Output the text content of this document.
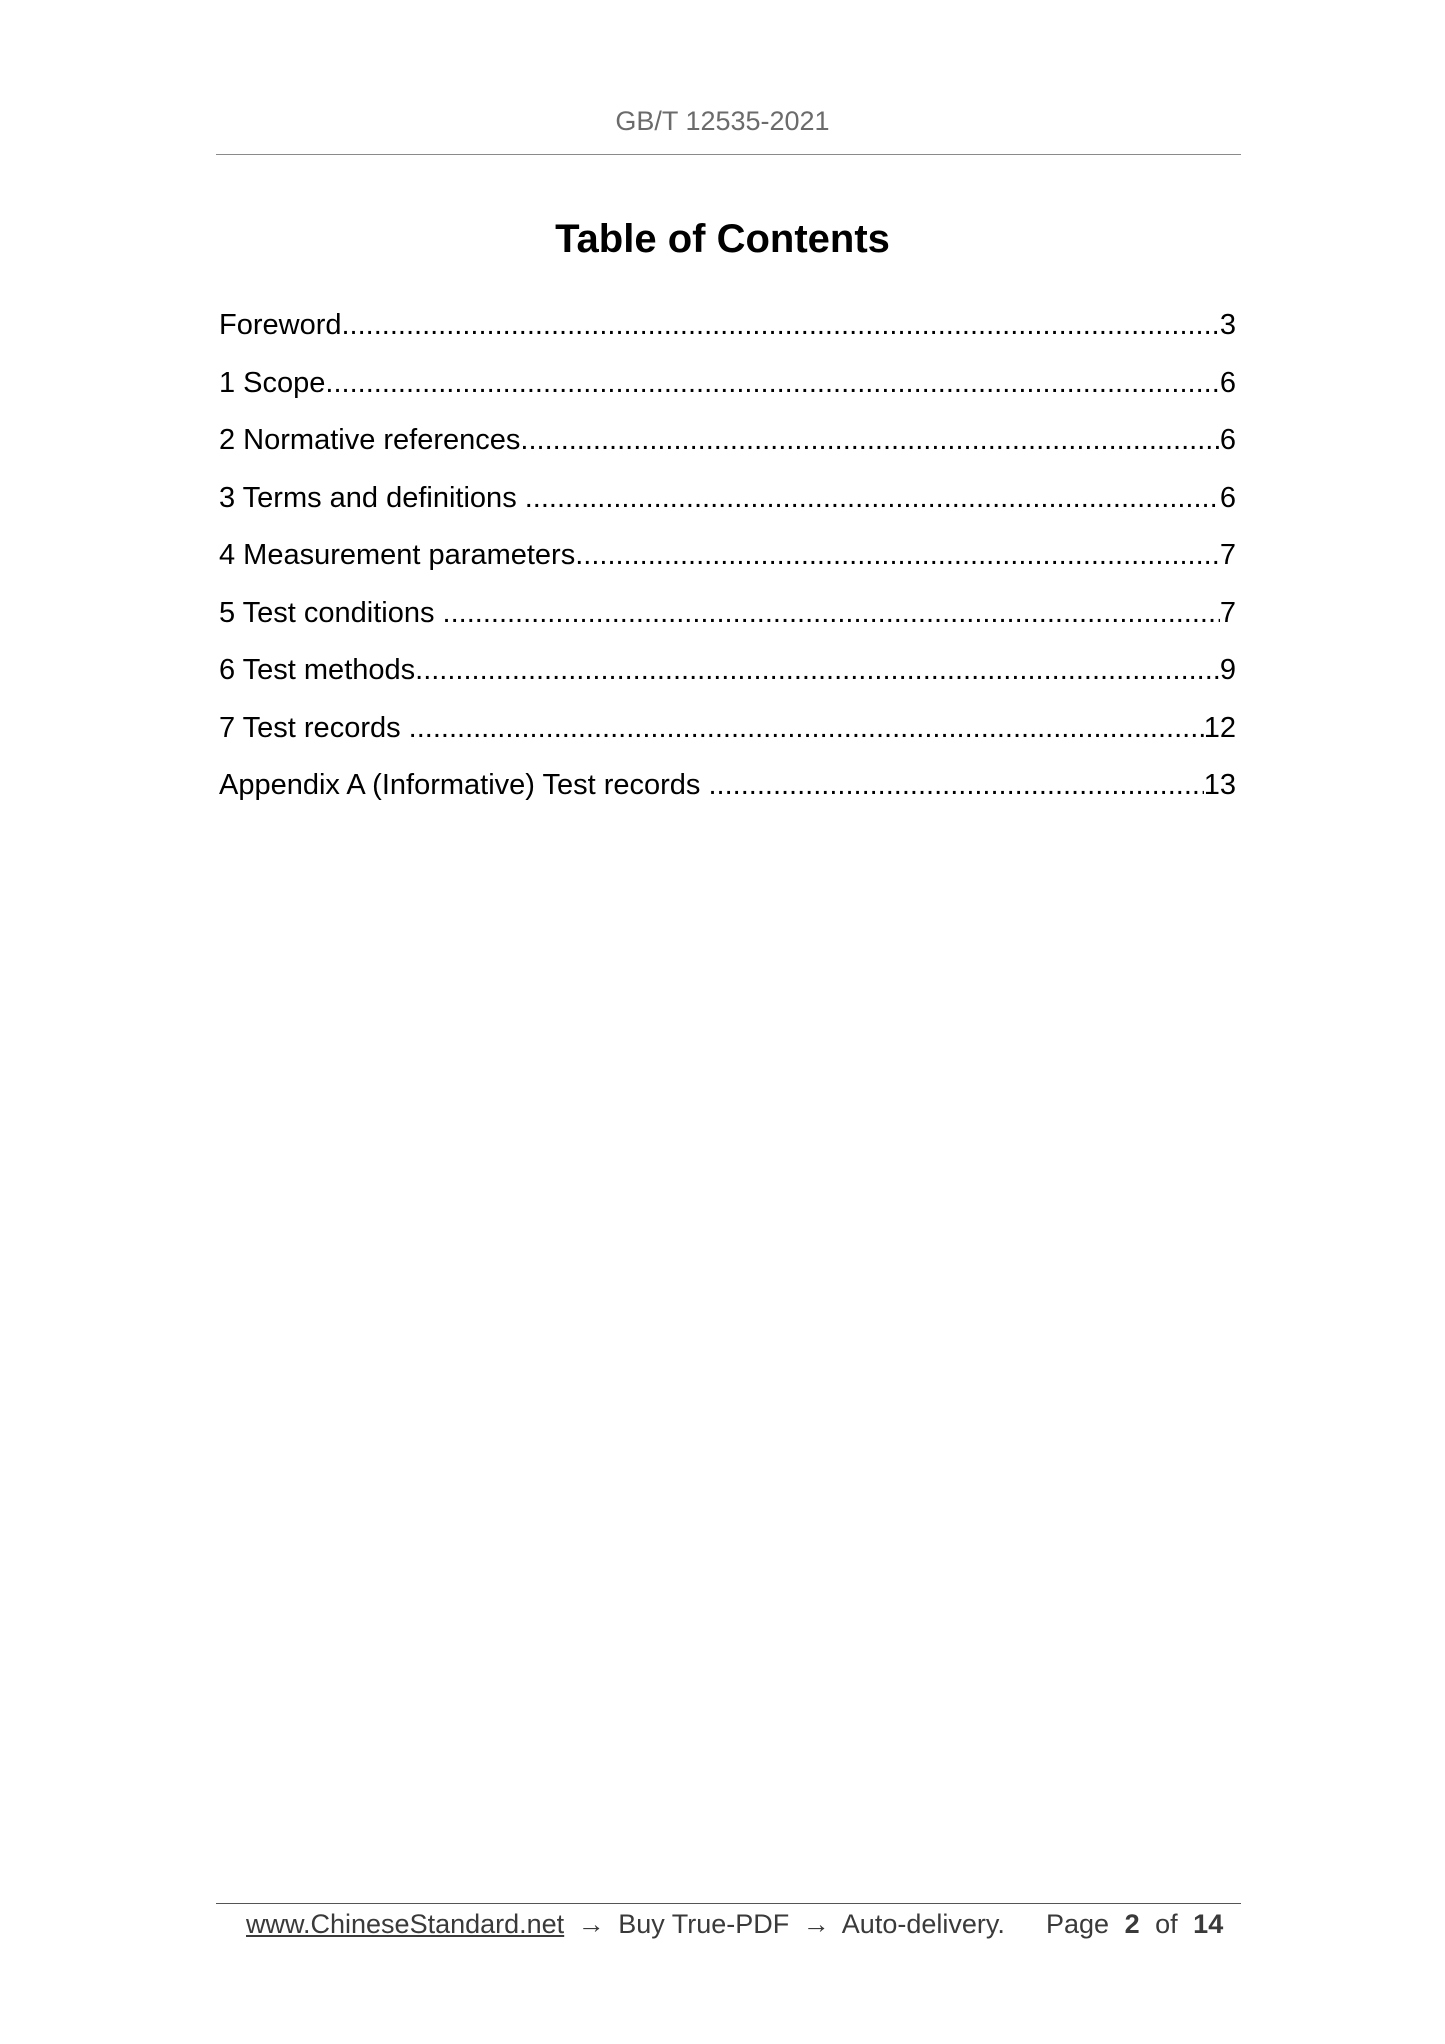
GB/T 12535-2021
Table of Contents
Foreword .....	3
1 Scope .....	6
2 Normative references .....	6
3 Terms and definitions .....	6
4 Measurement parameters .....	7
5 Test conditions .....	7
6 Test methods .....	9
7 Test records .....	12
Appendix A (Informative) Test records .....	13
www.ChineseStandard.net → Buy True-PDF → Auto-delivery. Page 2 of 14
